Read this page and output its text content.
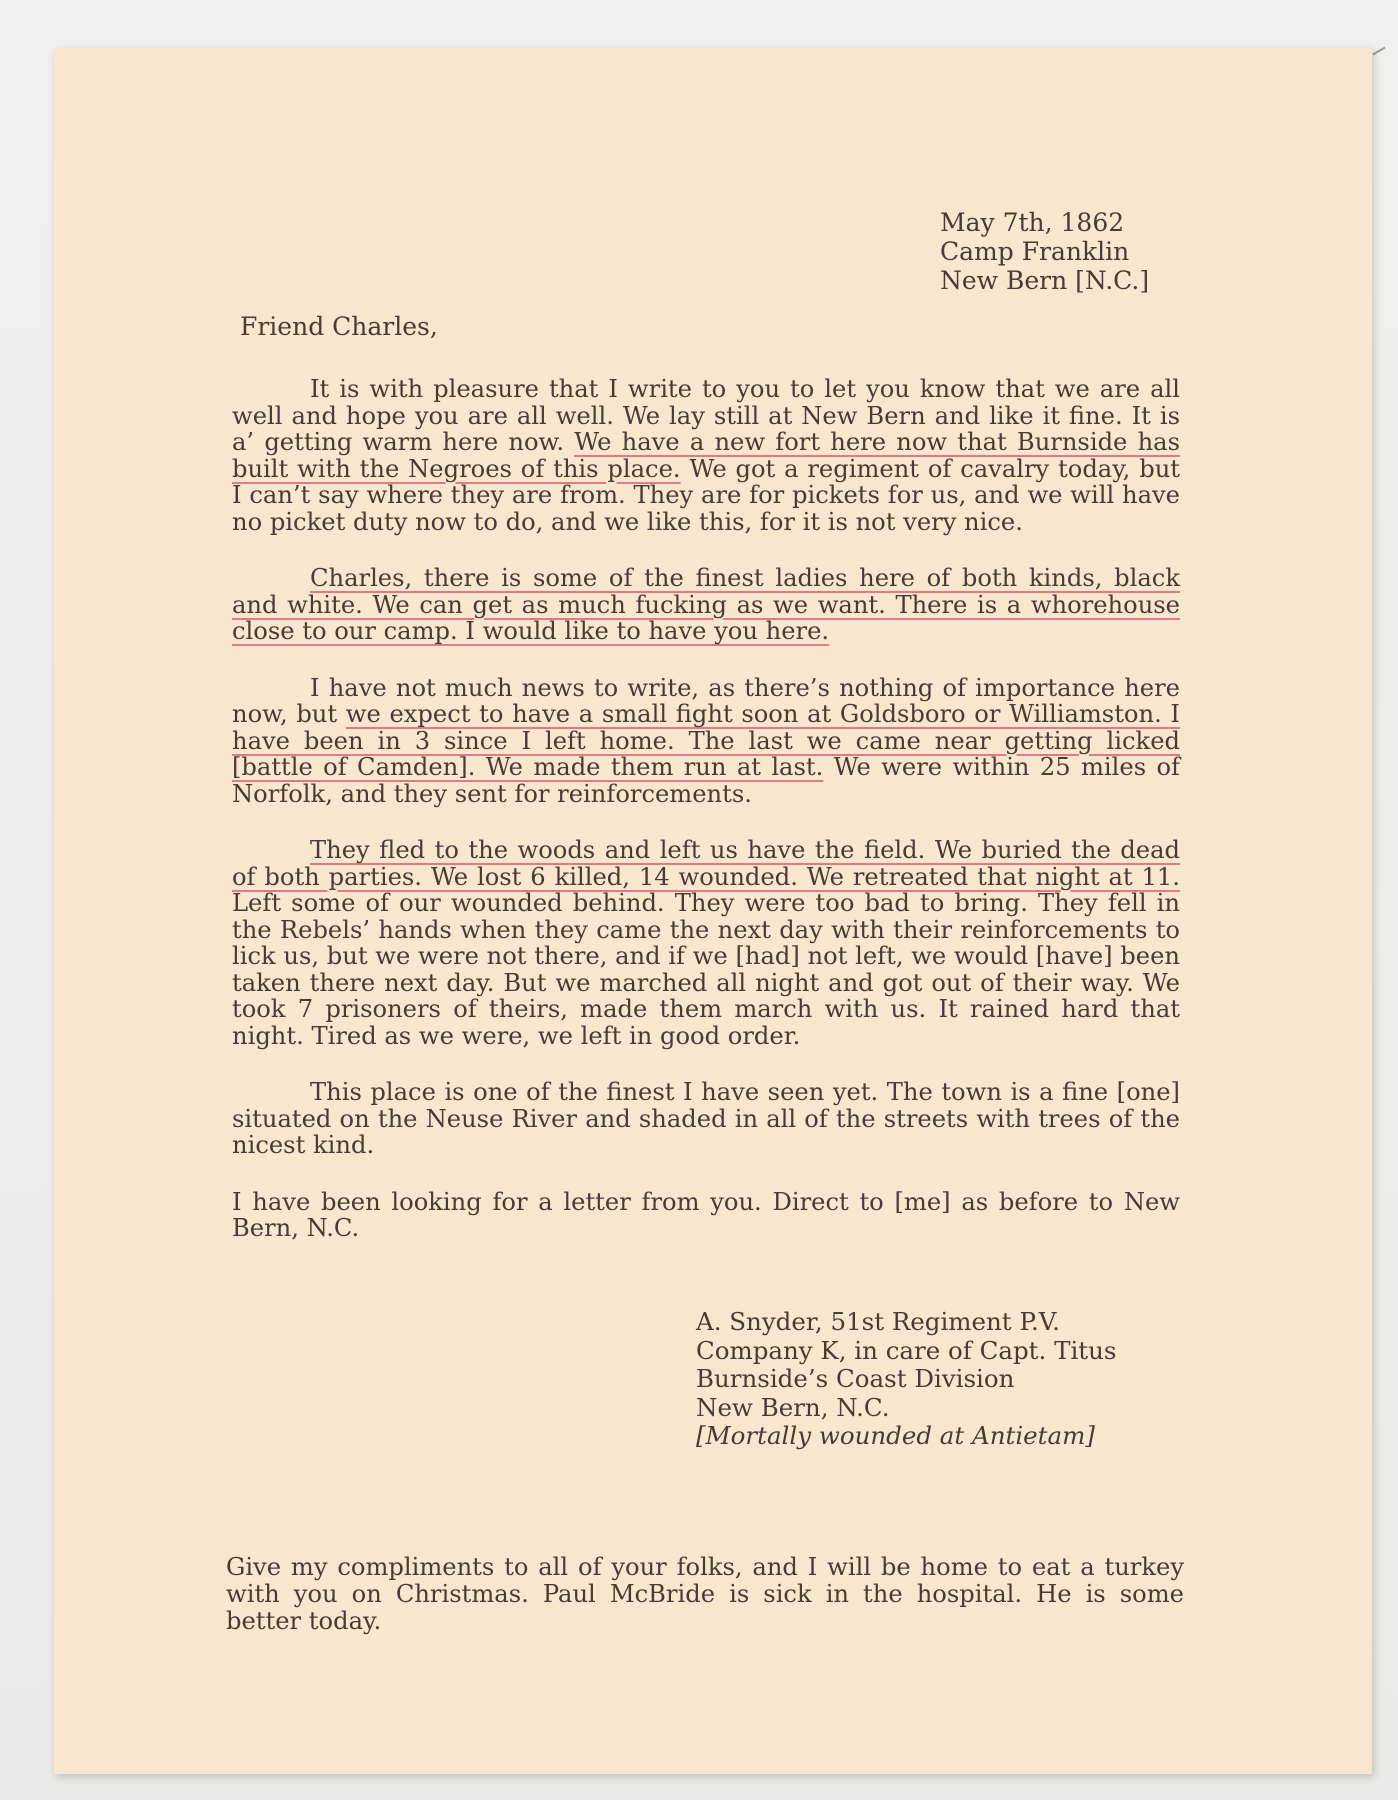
May 7th, 1862
Camp Franklin
New Bern [N.C.]
Friend Charles,

It is with pleasure that I write to you to let you know that we are all well and hope you are all well. We lay still at New Bern and like it fine. It is a’ getting warm here now. We have a new fort here now that Burnside has built with the Negroes of this place. We got a regiment of cavalry today, but I can’t say where they are from. They are for pickets for us, and we will have no picket duty now to do, and we like this, for it is not very nice.

Charles, there is some of the finest ladies here of both kinds, black and white. We can get as much fucking as we want. There is a whorehouse close to our camp. I would like to have you here.

I have not much news to write, as there’s nothing of importance here now, but we expect to have a small fight soon at Goldsboro or Williamston. I have been in 3 since I left home. The last we came near getting licked [battle of Camden]. We made them run at last. We were within 25 miles of Norfolk, and they sent for reinforcements.

They fled to the woods and left us have the field. We buried the dead of both parties. We lost 6 killed, 14 wounded. We retreated that night at 11. Left some of our wounded behind. They were too bad to bring. They fell in the Rebels’ hands when they came the next day with their reinforcements to lick us, but we were not there, and if we [had] not left, we would [have] been taken there next day. But we marched all night and got out of their way. We took 7 prisoners of theirs, made them march with us. It rained hard that night. Tired as we were, we left in good order.

This place is one of the finest I have seen yet. The town is a fine [one] situated on the Neuse River and shaded in all of the streets with trees of the nicest kind.

I have been looking for a letter from you. Direct to [me] as before to New Bern, N.C.

A. Snyder, 51st Regiment P.V.
Company K, in care of Capt. Titus
Burnside’s Coast Division
New Bern, N.C.
[Mortally wounded at Antietam]
Give my compliments to all of your folks, and I will be home to eat a turkey with you on Christmas. Paul McBride is sick in the hospital. He is some better today.
